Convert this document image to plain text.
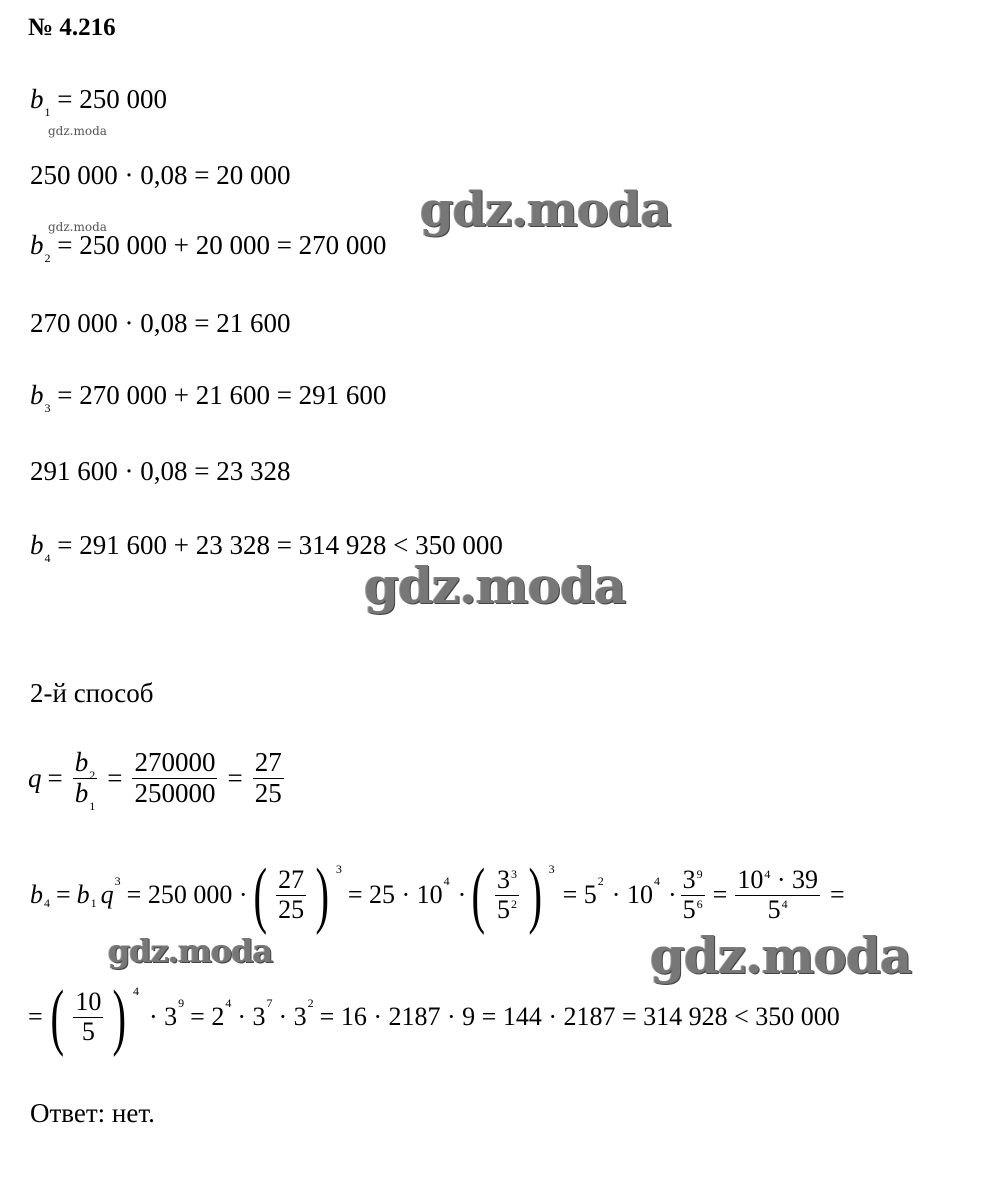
№ 4.216
$b_1 = 250$ 000
gdz.moda
250 000 · 0,08 = 20 000
gdz.moda	gdz.moda
$b_2 = 250$ 000 + 20 000 = 270 000
270 000 · 0,08 = 21 600
$b_3 = 270$ 000 + 21 600 = 291 600
291 600 · 0,08 = 23 328
$b_4 = 291$ 600 + 23 328 = 314 928 < 350 000
gdz.moda
2-й способ
$q = \frac{b_2}{b_1} = \frac{270000}{250000} = \frac{27}{25}$
b 4 = b 1 q 3 = 250 000 · ( $\frac{27}{25}$ ) 3
= 25 · 10 4 · ( $\frac{3^3}{5^2}$ ) 3
= 5 2 · 10 $4 \cdot \frac{3^9}{5^6} = \frac{10^4 \cdot 39}{5^4}$ =
gdz.moda	gdz.moda
= ( $\frac{10}{5}$ ) 4
· 3 9 = 2 4 · 3 7 · 3 2 = 16 · 2187 · 9 = 144 · 2187 = 314 928 < 350 000
Ответ: нет.
